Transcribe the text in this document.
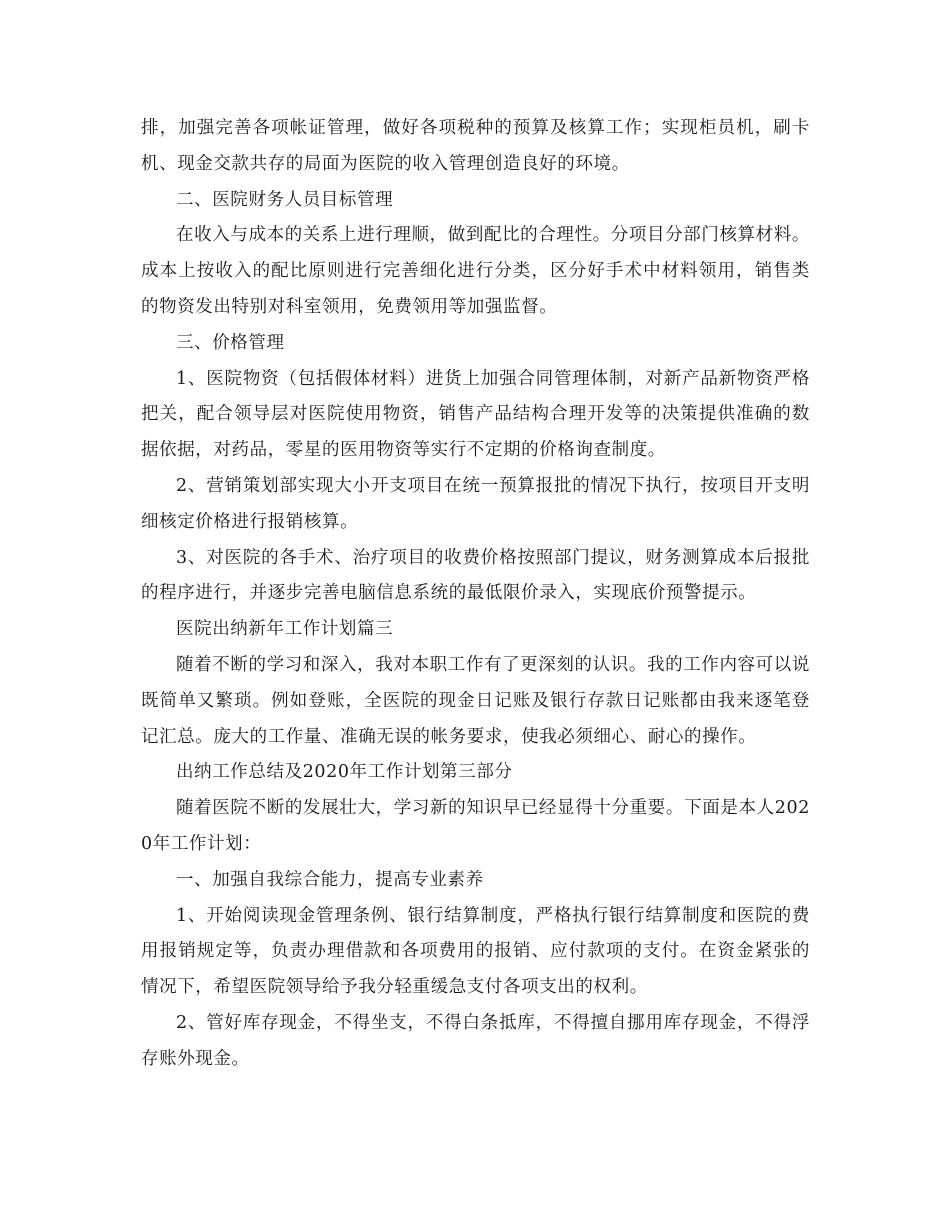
排，加强完善各项帐证管理，做好各项税种的预算及核算工作；实现柜员机，刷卡机、现金交款共存的局面为医院的收入管理创造良好的环境。

二、医院财务人员目标管理

在收入与成本的关系上进行理顺，做到配比的合理性。分项目分部门核算材料。成本上按收入的配比原则进行完善细化进行分类，区分好手术中材料领用，销售类的物资发出特别对科室领用，免费领用等加强监督。

三、价格管理

1、医院物资（包括假体材料）进货上加强合同管理体制，对新产品新物资严格把关，配合领导层对医院使用物资，销售产品结构合理开发等的决策提供准确的数据依据，对药品，零星的医用物资等实行不定期的价格询查制度。

2、营销策划部实现大小开支项目在统一预算报批的情况下执行，按项目开支明细核定价格进行报销核算。

3、对医院的各手术、治疗项目的收费价格按照部门提议，财务测算成本后报批的程序进行，并逐步完善电脑信息系统的最低限价录入，实现底价预警提示。

医院出纳新年工作计划篇三

随着不断的学习和深入，我对本职工作有了更深刻的认识。我的工作内容可以说既简单又繁琐。例如登账，全医院的现金日记账及银行存款日记账都由我来逐笔登记汇总。庞大的工作量、准确无误的帐务要求，使我必须细心、耐心的操作。

出纳工作总结及2020年工作计划第三部分

随着医院不断的发展壮大，学习新的知识早已经显得十分重要。下面是本人2020年工作计划：

一、加强自我综合能力，提高专业素养

1、开始阅读现金管理条例、银行结算制度，严格执行银行结算制度和医院的费用报销规定等，负责办理借款和各项费用的报销、应付款项的支付。在资金紧张的情况下，希望医院领导给予我分轻重缓急支付各项支出的权利。

2、管好库存现金，不得坐支，不得白条抵库，不得擅自挪用库存现金，不得浮存账外现金。
